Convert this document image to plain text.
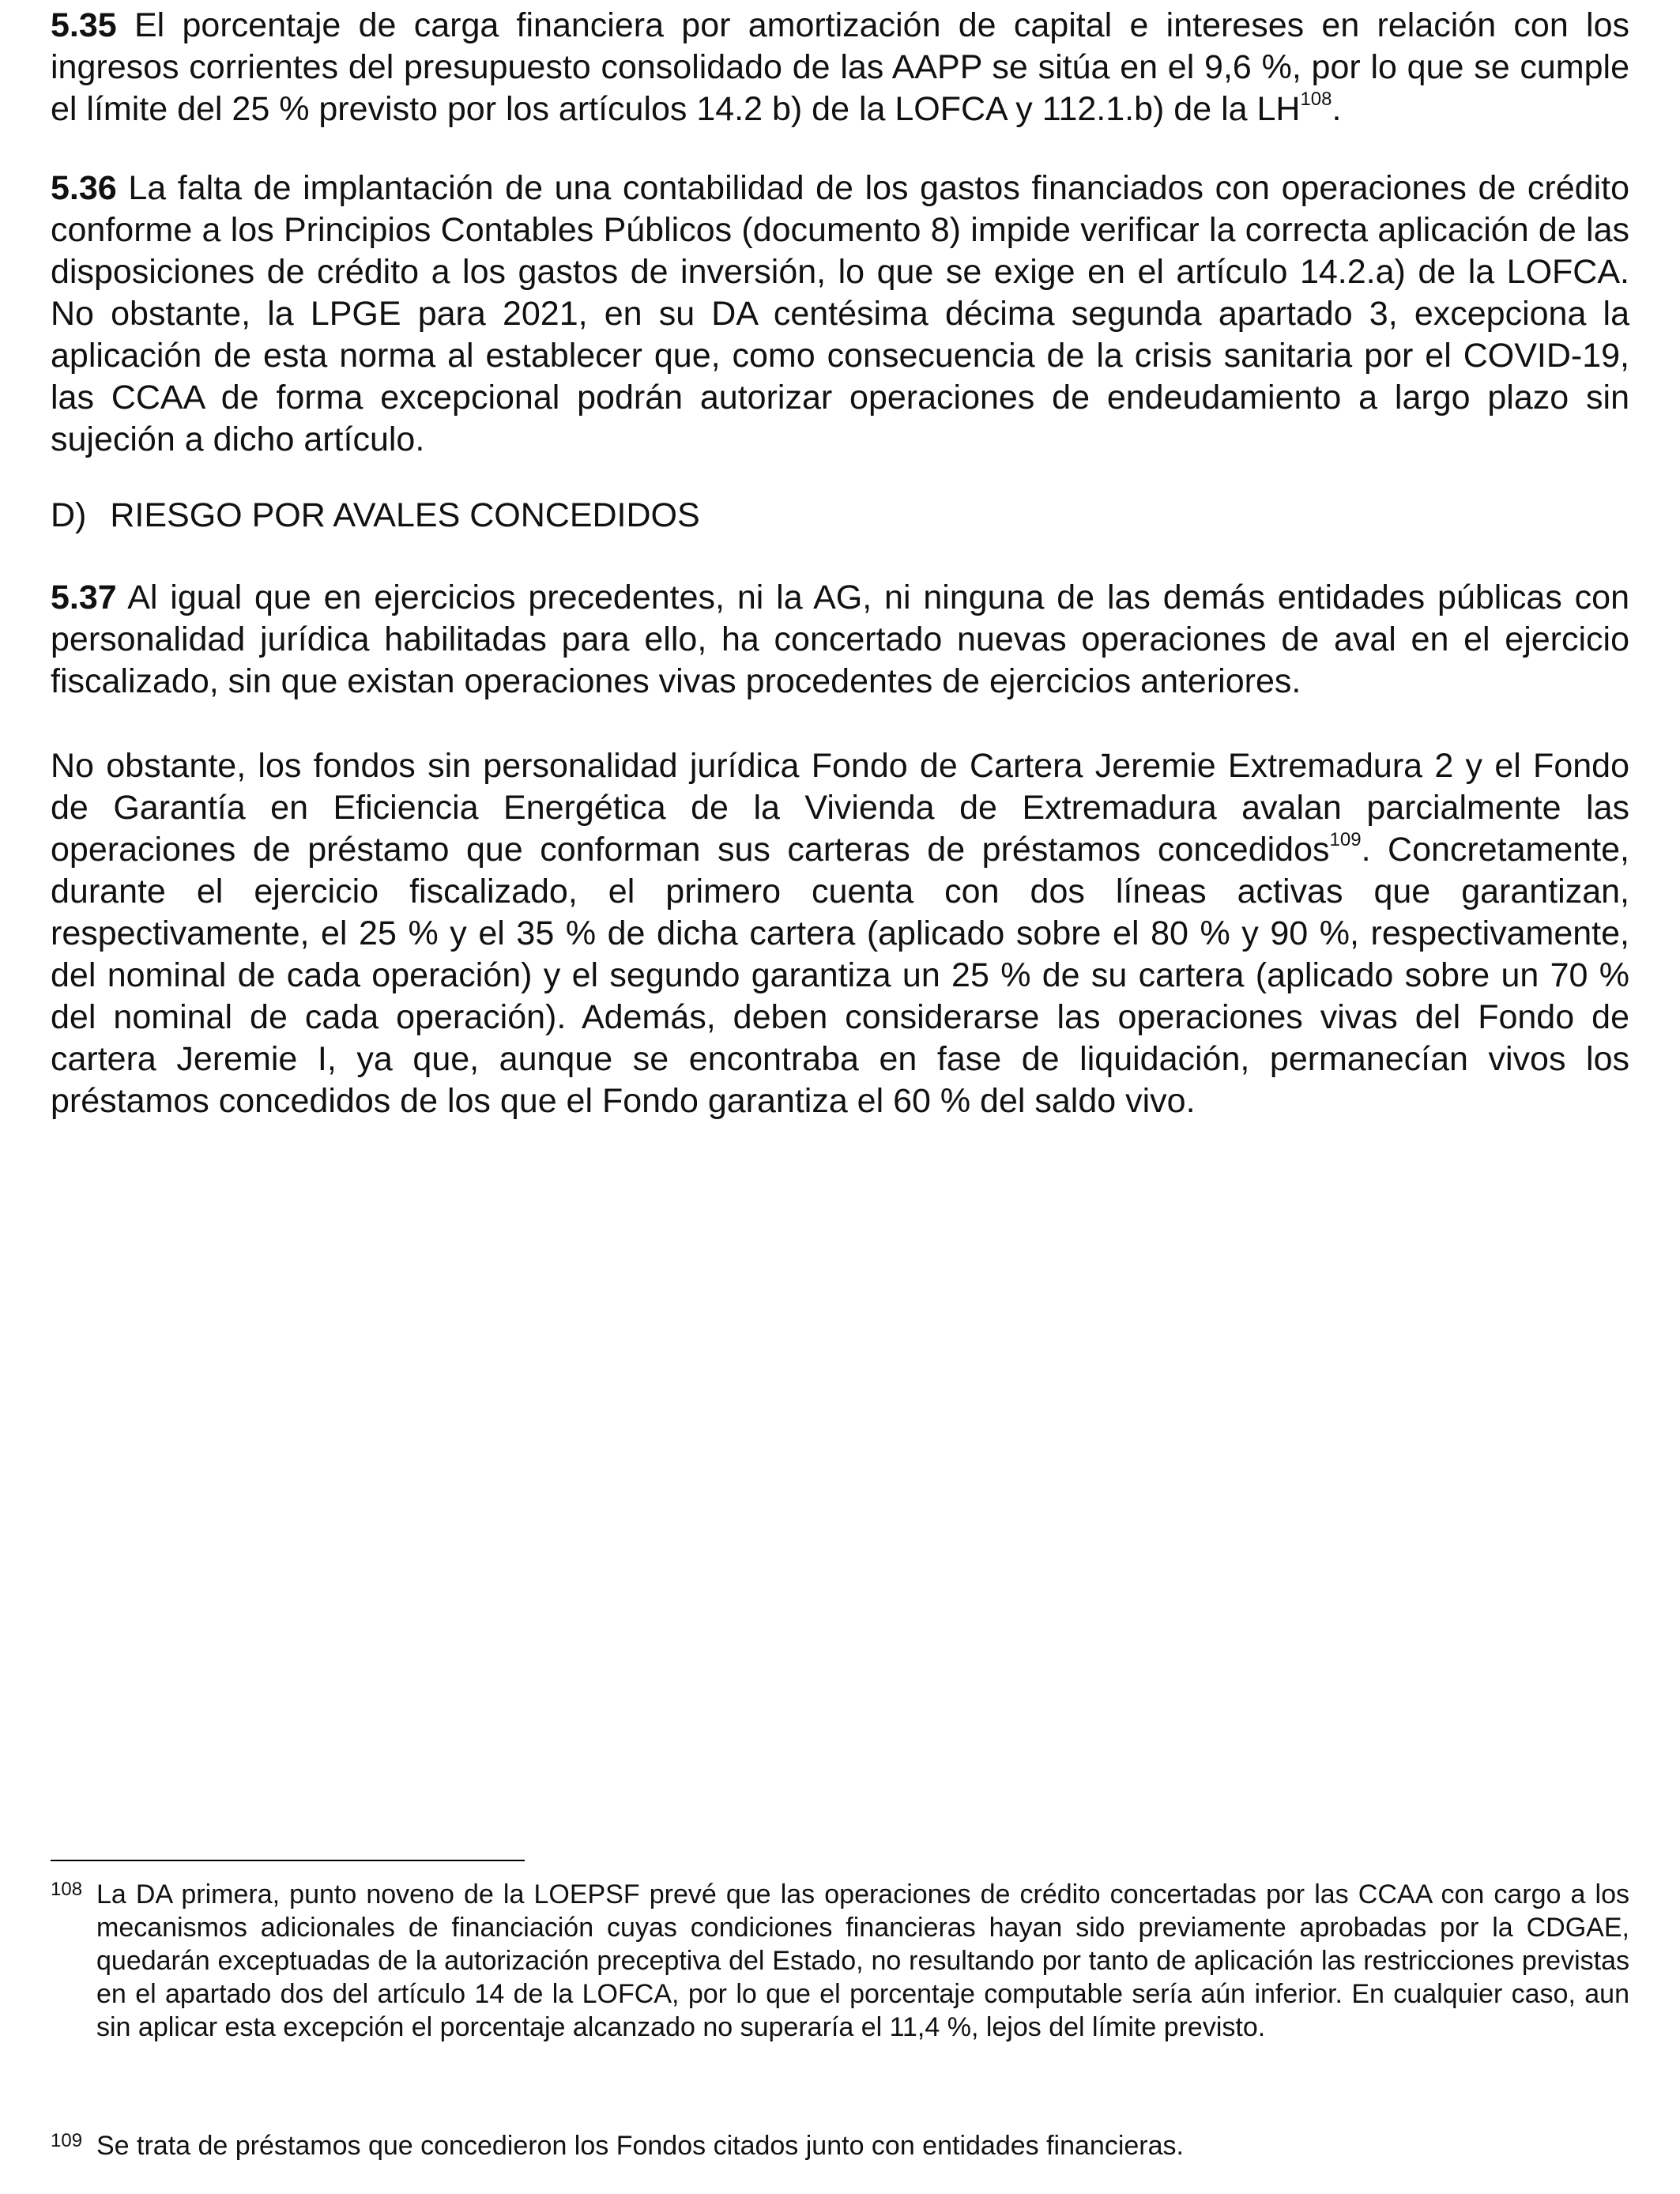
5.35 El porcentaje de carga financiera por amortización de capital e intereses en relación con los ingresos corrientes del presupuesto consolidado de las AAPP se sitúa en el 9,6 %, por lo que se cumple el límite del 25 % previsto por los artículos 14.2 b) de la LOFCA y 112.1.b) de la LH$^{108}$.

5.36 La falta de implantación de una contabilidad de los gastos financiados con operaciones de crédito conforme a los Principios Contables Públicos (documento 8) impide verificar la correcta aplicación de las disposiciones de crédito a los gastos de inversión, lo que se exige en el artículo 14.2.a) de la LOFCA. No obstante, la LPGE para 2021, en su DA centésima décima segunda apartado 3, excepciona la aplicación de esta norma al establecer que, como consecuencia de la crisis sanitaria por el COVID-19, las CCAA de forma excepcional podrán autorizar operaciones de endeudamiento a largo plazo sin sujeción a dicho artículo.

D) RIESGO POR AVALES CONCEDIDOS

5.37 Al igual que en ejercicios precedentes, ni la AG, ni ninguna de las demás entidades públicas con personalidad jurídica habilitadas para ello, ha concertado nuevas operaciones de aval en el ejercicio fiscalizado, sin que existan operaciones vivas procedentes de ejercicios anteriores.

No obstante, los fondos sin personalidad jurídica Fondo de Cartera Jeremie Extremadura 2 y el Fondo de Garantía en Eficiencia Energética de la Vivienda de Extremadura avalan parcialmente las operaciones de préstamo que conforman sus carteras de préstamos concedidos$^{109}$. Concretamente, durante el ejercicio fiscalizado, el primero cuenta con dos líneas activas que garantizan, respectivamente, el 25 % y el 35 % de dicha cartera (aplicado sobre el 80 % y 90 %, respectivamente, del nominal de cada operación) y el segundo garantiza un 25 % de su cartera (aplicado sobre un 70 % del nominal de cada operación). Además, deben considerarse las operaciones vivas del Fondo de cartera Jeremie I, ya que, aunque se encontraba en fase de liquidación, permanecían vivos los préstamos concedidos de los que el Fondo garantiza el 60 % del saldo vivo.

108 La DA primera, punto noveno de la LOEPSF prevé que las operaciones de crédito concertadas por las CCAA con cargo a los mecanismos adicionales de financiación cuyas condiciones financieras hayan sido previamente aprobadas por la CDGAE, quedarán exceptuadas de la autorización preceptiva del Estado, no resultando por tanto de aplicación las restricciones previstas en el apartado dos del artículo 14 de la LOFCA, por lo que el porcentaje computable sería aún inferior. En cualquier caso, aun sin aplicar esta excepción el porcentaje alcanzado no superaría el 11,4 %, lejos del límite previsto.
109 Se trata de préstamos que concedieron los Fondos citados junto con entidades financieras.
